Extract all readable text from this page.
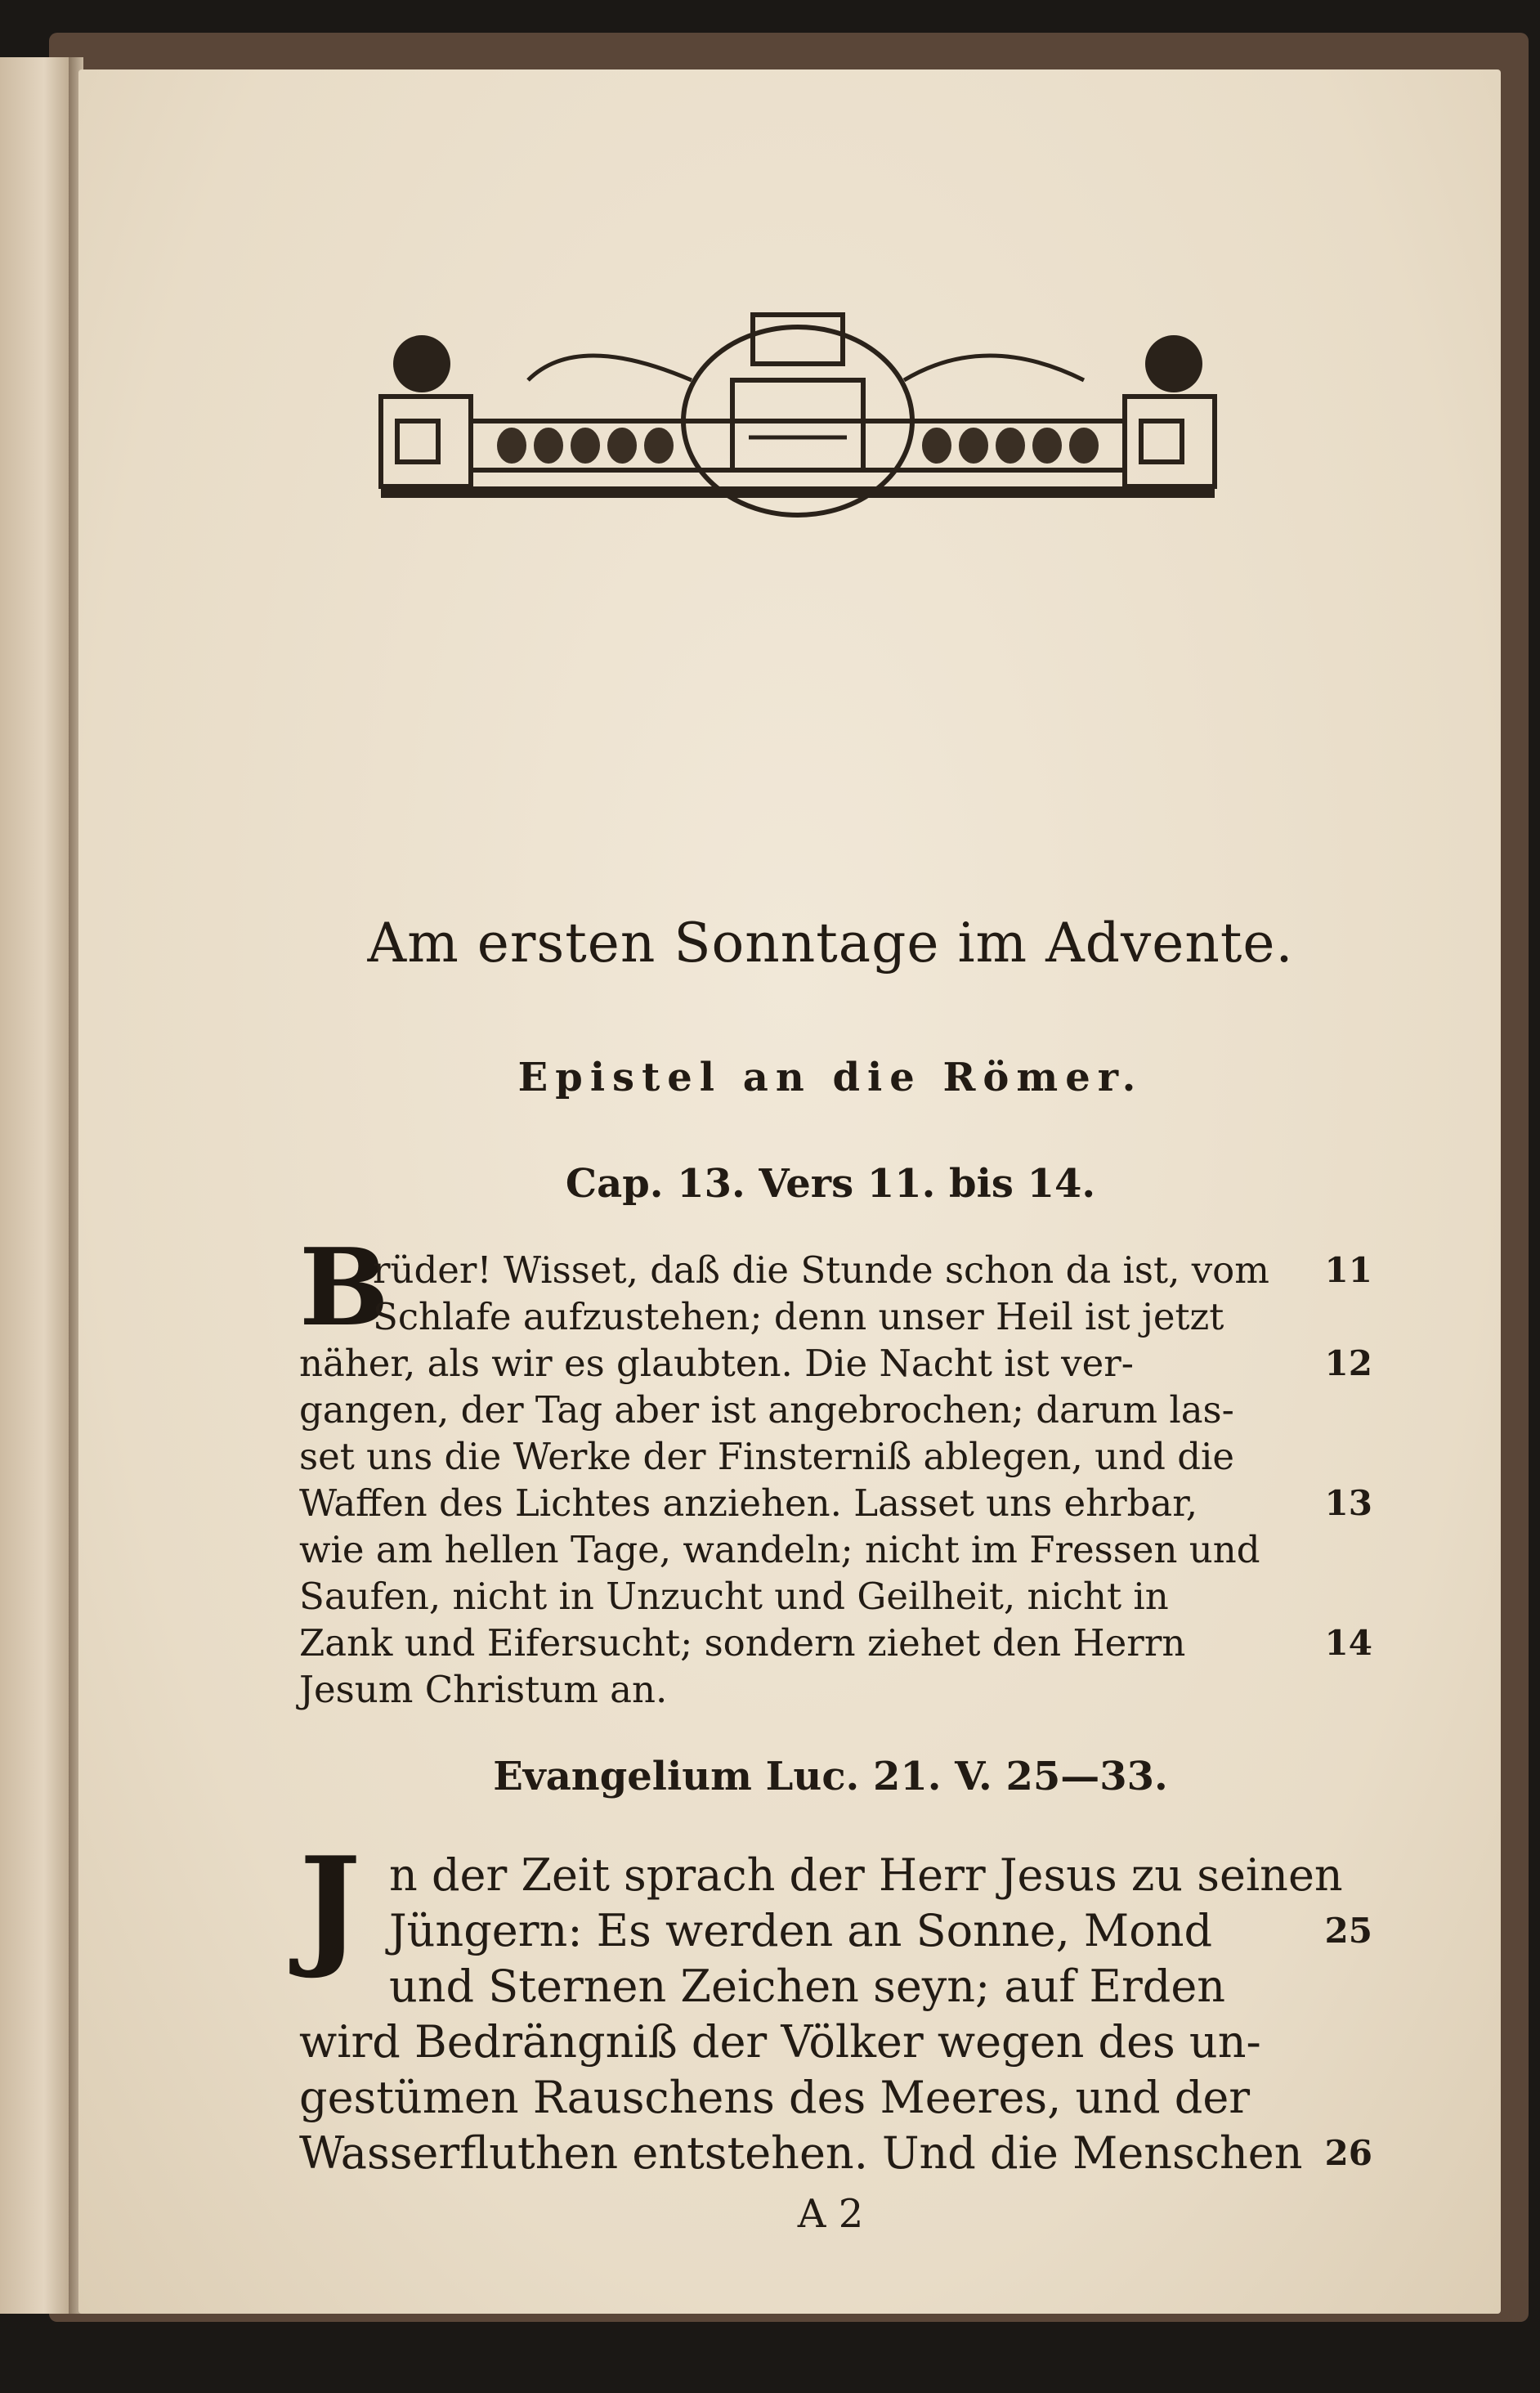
Am ersten Sonntage im Advente.
Epistel an die Römer.
Cap. 13. Vers 11. bis 14.
B
rüder! Wisset, daß die Stunde schon da ist, vom 11
Schlafe aufzustehen; denn unser Heil ist jetzt
näher, als wir es glaubten. Die Nacht ist ver-	12
gangen, der Tag aber ist angebrochen; darum las-
set uns die Werke der Finsterniß ablegen, und die
Waffen des Lichtes anziehen. Lasset uns ehrbar,	13
wie am hellen Tage, wandeln; nicht im Fressen und
Saufen, nicht in Unzucht und Geilheit, nicht in
Zank und Eifersucht; sondern ziehet den Herrn	14
Jesum Christum an.
Evangelium Luc. 21. V. 25—33.
J n der Zeit sprach der Herr Jesus zu seinen
Jüngern: Es werden an Sonne, Mond	25
und Sternen Zeichen seyn; auf Erden
wird Bedrängniß der Völker wegen des un-
gestümen Rauschens des Meeres, und der
Wasserfluthen entstehen. Und die Menschen 26
A 2
